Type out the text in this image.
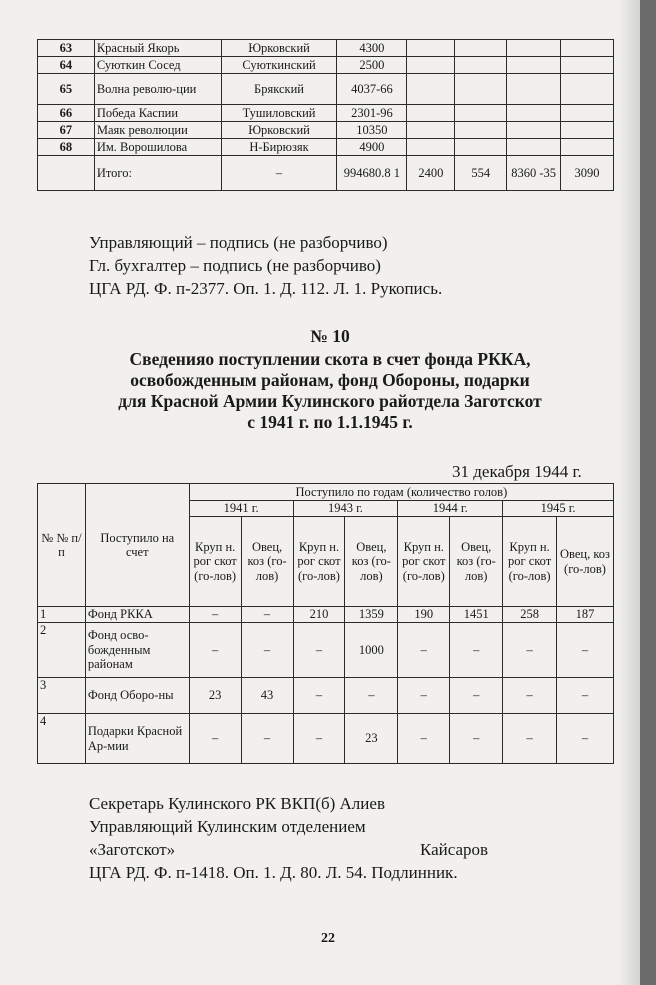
63	Красный Якорь	Юрковский	4300				
64	Суюткин Сосед	Суюткинский	2500				
65	Волна револю-ции	Брякский	4037-66				
66	Победа Каспии	Тушиловский	2301-96				
67	Маяк революции	Юрковский	10350				
68	Им. Ворошилова	Н-Бирюзяк	4900				
	Итого:	–	994680.8 1	2400	554	8360 -35	3090
Управляющий – подпись (не разборчиво)
Гл. бухгалтер – подпись (не разборчиво)
ЦГА РД. Ф. п-2377. Оп. 1. Д. 112. Л. 1. Рукопись.
№ 10
Сведенияо поступлении скота в счет фонда РККА,
освобожденным районам, фонд Обороны, подарки
для Красной Армии Кулинского райотдела Заготскот
с 1941 г. по 1.1.1945 г.
31 декабря 1944 г.
№ № п/п	Поступило на счет	Поступило по годам (количество голов)							
		1941 г.		1943 г.		1944 г.		1945 г.	
		Круп н. рог скот (го-лов)	Овец, коз (го-лов)	Круп н. рог скот (го-лов)	Овец, коз (го-лов)	Круп н. рог скот (го-лов)	Овец, коз (го-лов)	Круп н. рог скот (го-лов)	Овец, коз (го-лов)
1	Фонд РККА	–	–	210	1359	190	1451	258	187
2	Фонд осво-божденным районам	–	–	–	1000	–	–	–	–
3	Фонд Оборо-ны	23	43	–	–	–	–	–	–
4	Подарки Красной Ар-мии	–	–	–	23	–	–	–	–
Секретарь Кулинского РК ВКП(б) Алиев
Управляющий Кулинским отделением
«Заготскот»	Кайсаров
ЦГА РД. Ф. п-1418. Оп. 1. Д. 80. Л. 54. Подлинник.
22
